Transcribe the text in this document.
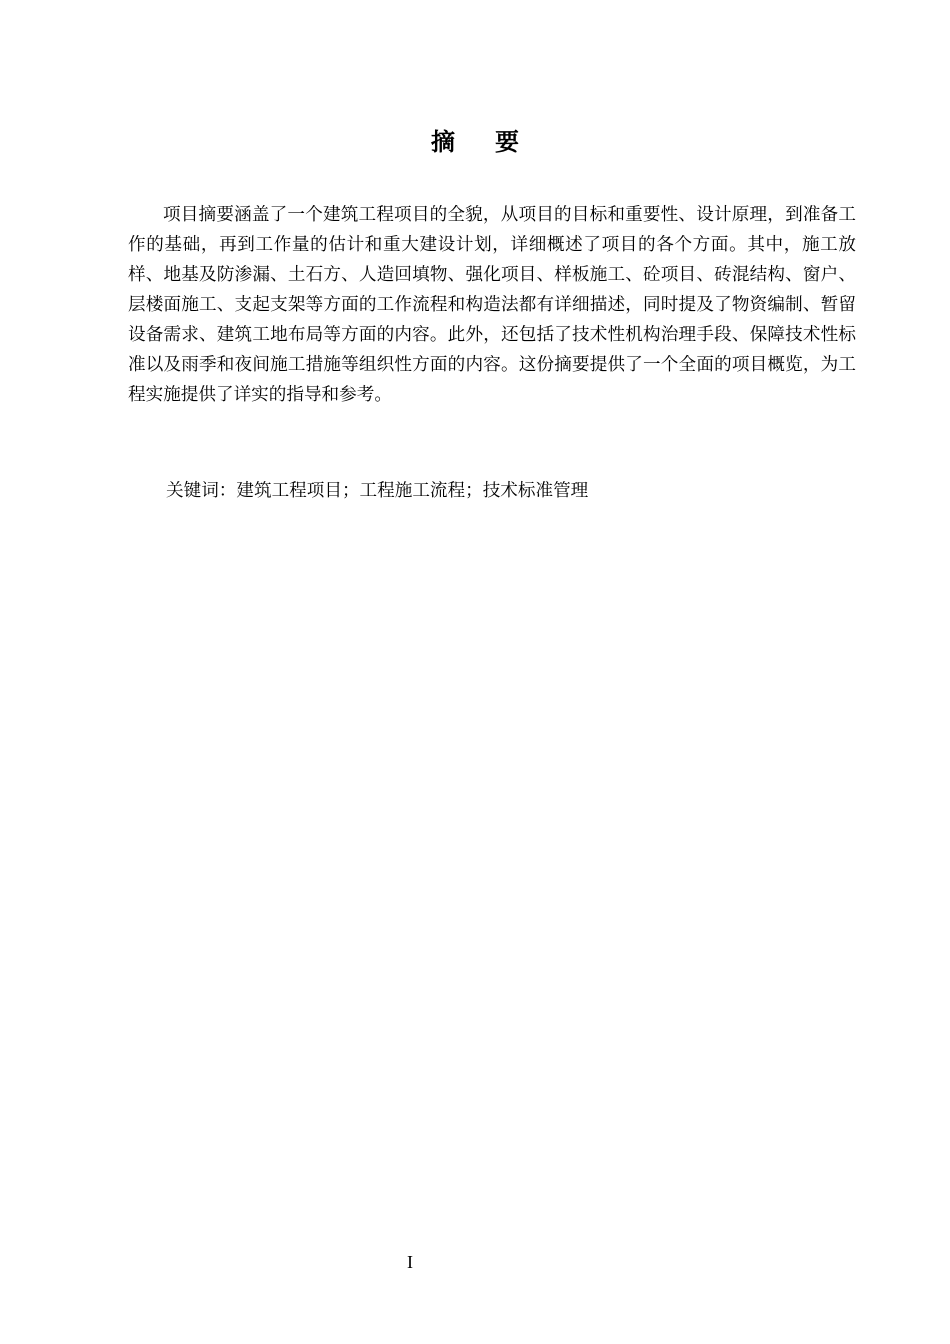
摘 要

项目摘要涵盖了一个建筑工程项目的全貌，从项目的目标和重要性、设计原理，到准备工作的基础，再到工作量的估计和重大建设计划，详细概述了项目的各个方面。其中，施工放样、地基及防渗漏、土石方、人造回填物、强化项目、样板施工、砼项目、砖混结构、窗户、层楼面施工、支起支架等方面的工作流程和构造法都有详细描述，同时提及了物资编制、暂留设备需求、建筑工地布局等方面的内容。此外，还包括了技术性机构治理手段、保障技术性标准以及雨季和夜间施工措施等组织性方面的内容。这份摘要提供了一个全面的项目概览，为工程实施提供了详实的指导和参考。

关键词：建筑工程项目；工程施工流程；技术标准管理
I
